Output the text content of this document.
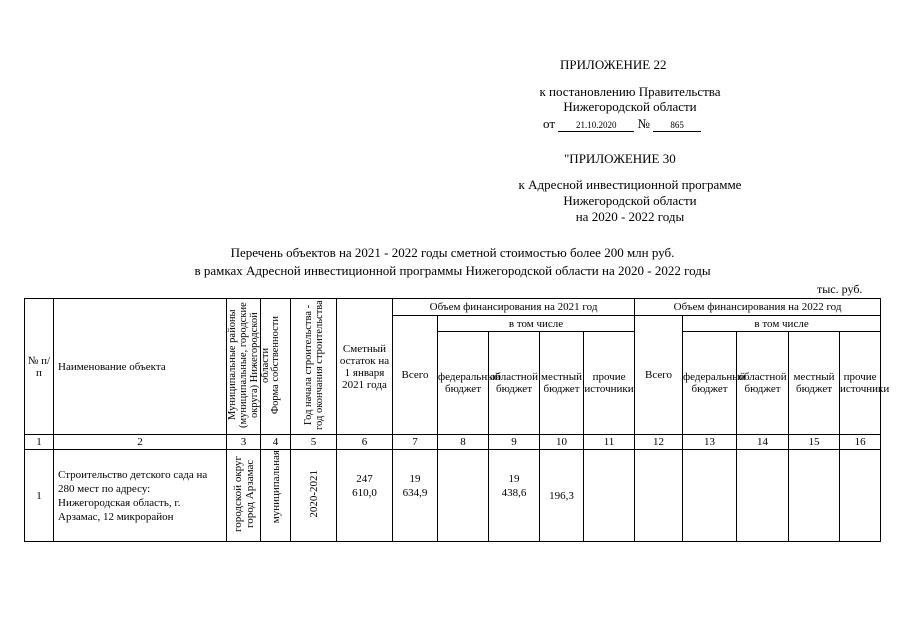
ПРИЛОЖЕНИЕ 22
к постановлению Правительства
Нижегородской области
от 21.10.2020 № 865
"ПРИЛОЖЕНИЕ 30
к Адресной инвестиционной программе
Нижегородской области
на 2020 - 2022 годы
Перечень объектов на 2021 - 2022 годы сметной стоимостью более 200 млн руб.
в рамках Адресной инвестиционной программы Нижегородской области на 2020 - 2022 годы
тыс. руб.
№ п/п	Наименование объекта	Муниципальные районы (муниципальные, городские округа) Нижегородской области	Форма собственности	Год начала строительства - год окончания строительства	Сметный остаток на 1 января 2021 года	Объем финансирования на 2021 год					Объем финансирования на 2022 год				
						Всего	в том числе				Всего	в том числе			
							федеральный бюджет	областной бюджет	местный бюджет	прочие источники		федеральный бюджет	областной бюджет	местный бюджет	прочие источники
1	2	3	4	5	6	7	8	9	10	11	12	13	14	15	16
1	Строительство детского сада на 280 мест по адресу: Нижегородская область, г. Арзамас, 12 микрорайон	городской округ город Арзамас	муниципальная	2020-2021	247 610,0	19 634,9		19 438,6	196,3						
